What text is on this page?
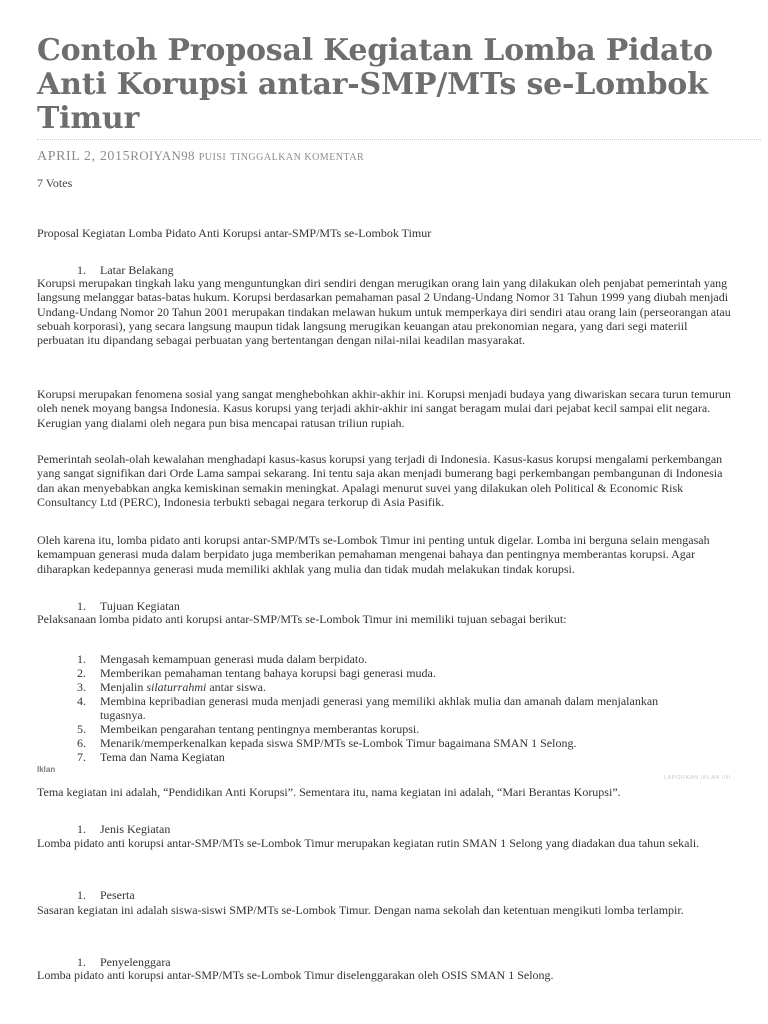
Contoh Proposal Kegiatan Lomba Pidato Anti Korupsi antar-SMP/MTs se-Lombok Timur
APRIL 2, 2015ROIYAN98 PUISI TINGGALKAN KOMENTAR
7 Votes

Proposal Kegiatan Lomba Pidato Anti Korupsi antar-SMP/MTs se-Lombok Timur

1.	Latar Belakang

Korupsi merupakan tingkah laku yang menguntungkan diri sendiri dengan merugikan orang lain yang dilakukan oleh penjabat pemerintah yang langsung melanggar batas-batas hukum. Korupsi berdasarkan pemahaman pasal 2 Undang-Undang Nomor 31 Tahun 1999 yang diubah menjadi Undang-Undang Nomor 20 Tahun 2001 merupakan tindakan melawan hukum untuk memperkaya diri sendiri atau orang lain (perseorangan atau sebuah korporasi), yang secara langsung maupun tidak langsung merugikan keuangan atau prekonomian negara, yang dari segi materiil perbuatan itu dipandang sebagai perbuatan yang bertentangan dengan nilai-nilai keadilan masyarakat.

Korupsi merupakan fenomena sosial yang sangat menghebohkan akhir-akhir ini. Korupsi menjadi budaya yang diwariskan secara turun temurun oleh nenek moyang bangsa Indonesia. Kasus korupsi yang terjadi akhir-akhir ini sangat beragam mulai dari pejabat kecil sampai elit negara. Kerugian yang dialami oleh negara pun bisa mencapai ratusan triliun rupiah.

Pemerintah seolah-olah kewalahan menghadapi kasus-kasus korupsi yang terjadi di Indonesia. Kasus-kasus korupsi mengalami perkembangan yang sangat signifikan dari Orde Lama sampai sekarang. Ini tentu saja akan menjadi bumerang bagi perkembangan pembangunan di Indonesia dan akan menyebabkan angka kemiskinan semakin meningkat. Apalagi menurut suvei yang dilakukan oleh Political & Economic Risk Consultancy Ltd (PERC), Indonesia terbukti sebagai negara terkorup di Asia Pasifik.

Oleh karena itu, lomba pidato anti korupsi antar-SMP/MTs se-Lombok Timur ini penting untuk digelar. Lomba ini berguna selain mengasah kemampuan generasi muda dalam berpidato juga memberikan pemahaman mengenai bahaya dan pentingnya memberantas korupsi. Agar diharapkan kedepannya generasi muda memiliki akhlak yang mulia dan tidak mudah melakukan tindak korupsi.

1.	Tujuan Kegiatan

Pelaksanaan lomba pidato anti korupsi antar-SMP/MTs se-Lombok Timur ini memiliki tujuan sebagai berikut:

1.	Mengasah kemampuan generasi muda dalam berpidato.
2.	Memberikan pemahaman tentang bahaya korupsi bagi generasi muda.
3.	Menjalin silaturrahmi antar siswa.
4.	Membina kepribadian generasi muda menjadi generasi yang memiliki akhlak mulia dan amanah dalam menjalankan
tugasnya.
5.	Membeikan pengarahan tentang pentingnya memberantas korupsi.
6.	Menarik/memperkenalkan kepada siswa SMP/MTs se-Lombok Timur bagaimana SMAN 1 Selong.
7.	Tema dan Nama Kegiatan
Iklan
LAPORKAN IKLAN INI

Tema kegiatan ini adalah, “Pendidikan Anti Korupsi”. Sementara itu, nama kegiatan ini adalah, “Mari Berantas Korupsi”.

1.	Jenis Kegiatan

Lomba pidato anti korupsi antar-SMP/MTs se-Lombok Timur merupakan kegiatan rutin SMAN 1 Selong yang diadakan dua tahun sekali.

1.	Peserta

Sasaran kegiatan ini adalah siswa-siswi SMP/MTs se-Lombok Timur. Dengan nama sekolah dan ketentuan mengikuti lomba terlampir.

1.	Penyelenggara

Lomba pidato anti korupsi antar-SMP/MTs se-Lombok Timur diselenggarakan oleh OSIS SMAN 1 Selong.
